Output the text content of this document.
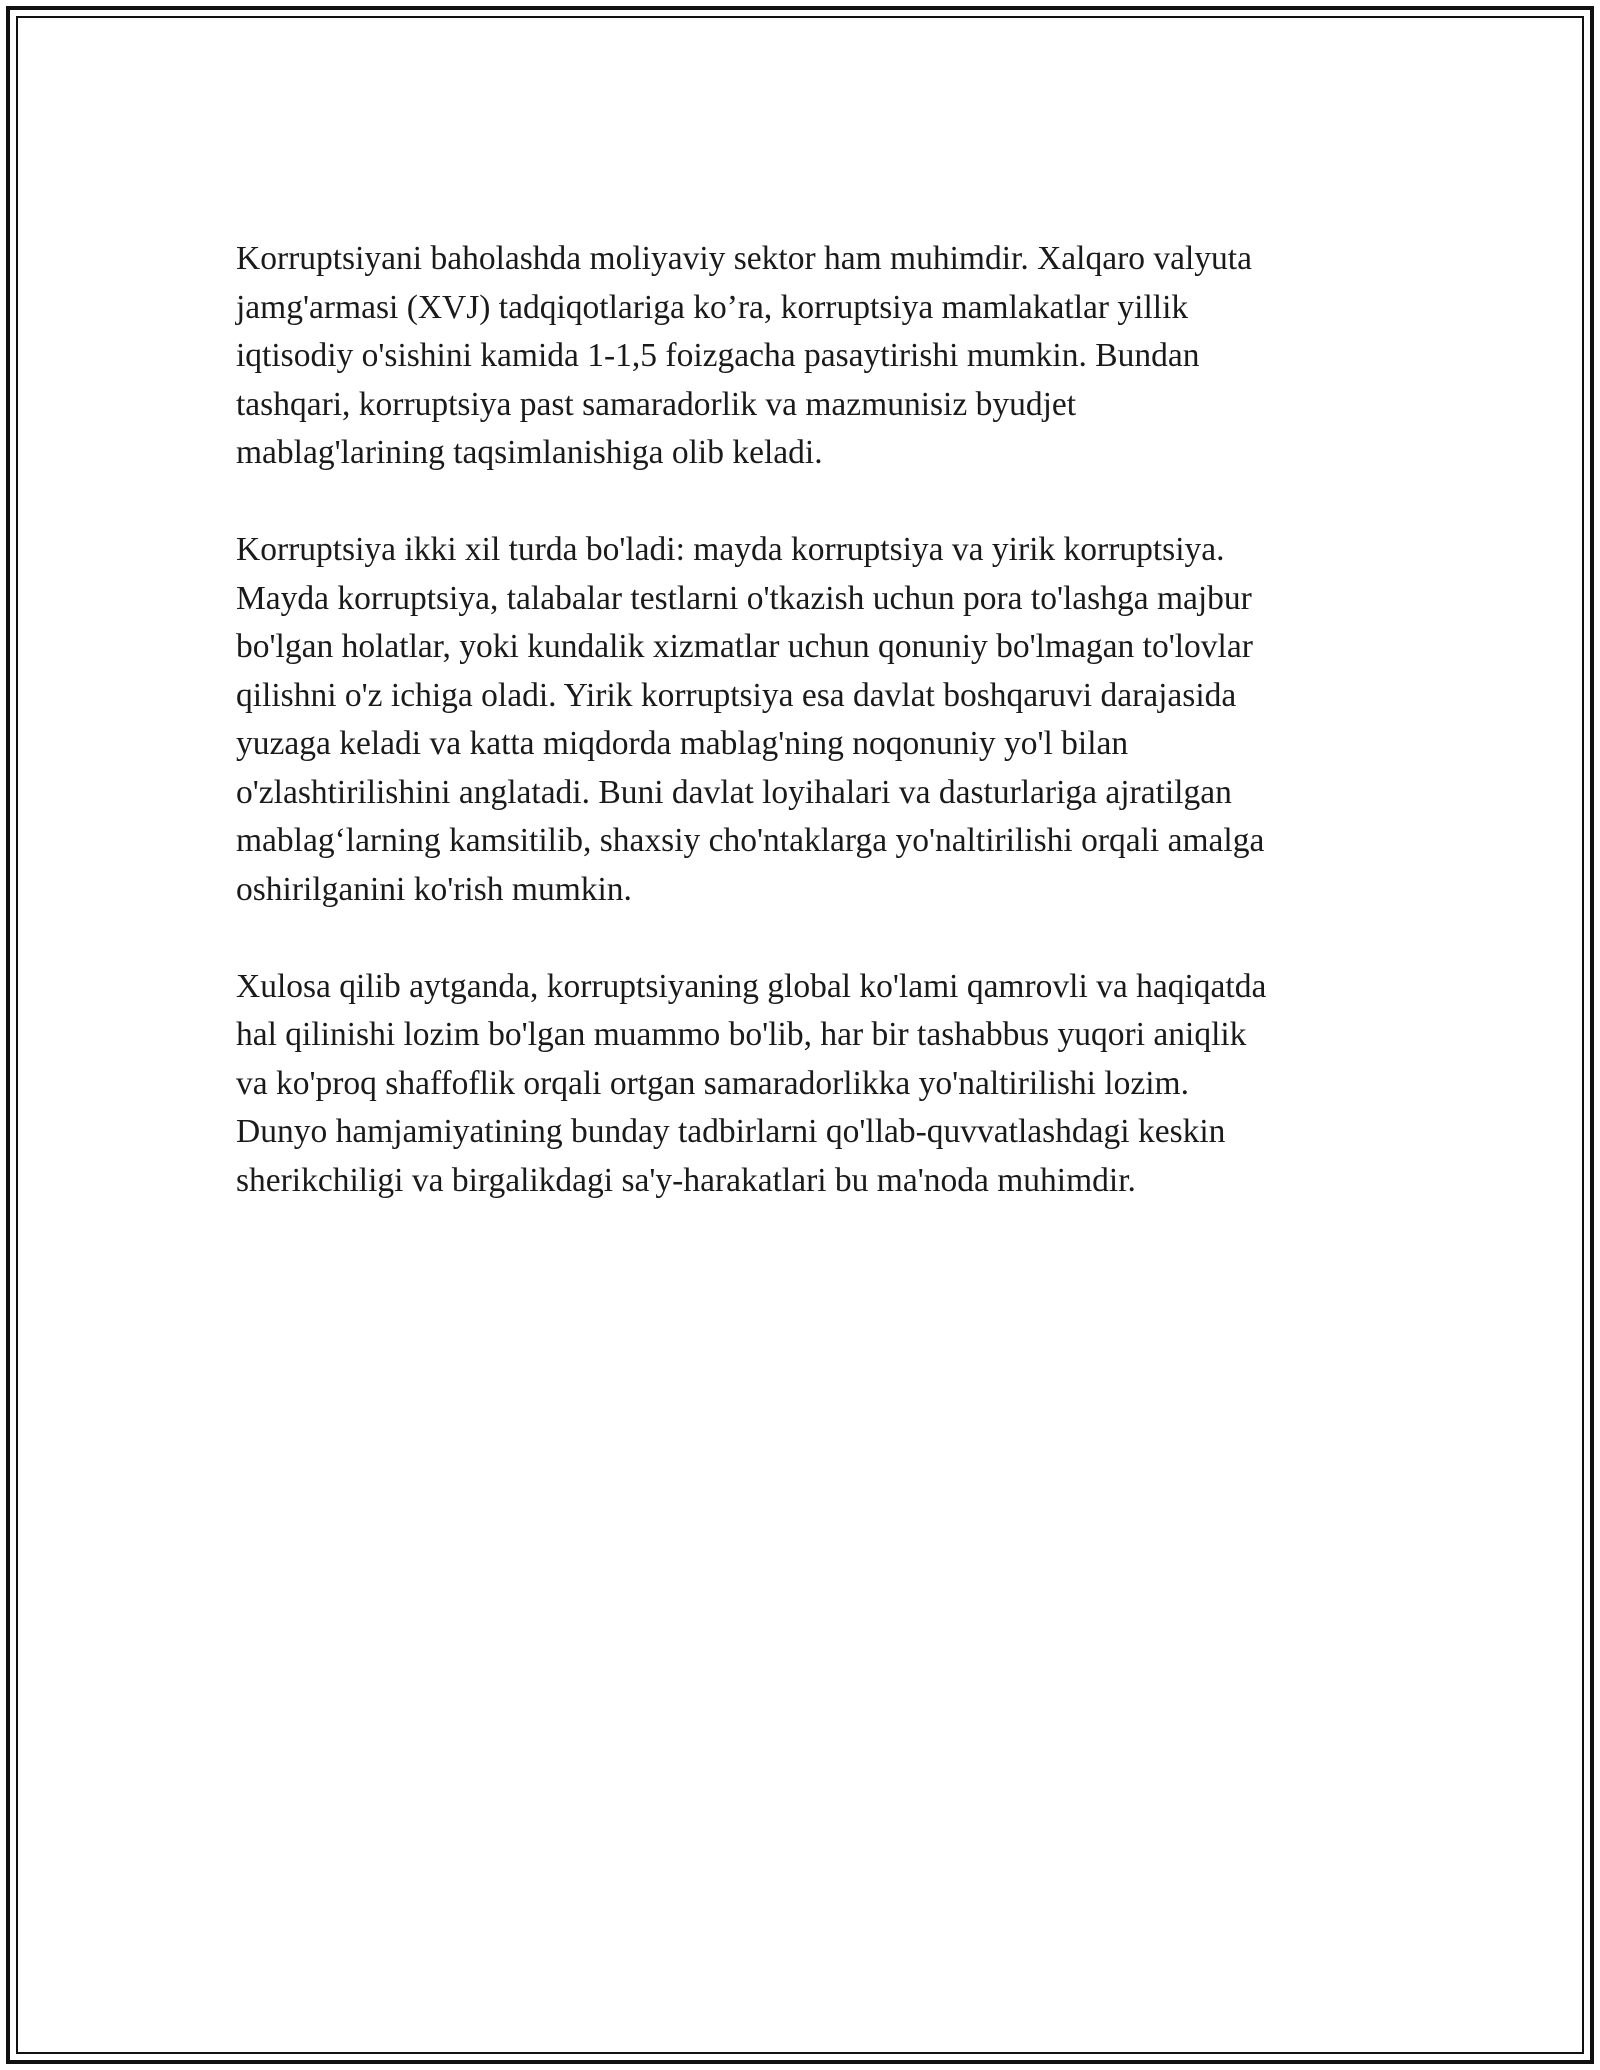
Korruptsiyani baholashda moliyaviy sektor ham muhimdir. Xalqaro valyuta
jamg'armasi (XVJ) tadqiqotlariga ko’ra, korruptsiya mamlakatlar yillik
iqtisodiy o'sishini kamida 1-1,5 foizgacha pasaytirishi mumkin. Bundan
tashqari, korruptsiya past samaradorlik va mazmunisiz byudjet
mablag'larining taqsimlanishiga olib keladi.

Korruptsiya ikki xil turda bo'ladi: mayda korruptsiya va yirik korruptsiya.
Mayda korruptsiya, talabalar testlarni o'tkazish uchun pora to'lashga majbur
bo'lgan holatlar, yoki kundalik xizmatlar uchun qonuniy bo'lmagan to'lovlar
qilishni o'z ichiga oladi. Yirik korruptsiya esa davlat boshqaruvi darajasida
yuzaga keladi va katta miqdorda mablag'ning noqonuniy yo'l bilan
o'zlashtirilishini anglatadi. Buni davlat loyihalari va dasturlariga ajratilgan
mablag‘larning kamsitilib, shaxsiy cho'ntaklarga yo'naltirilishi orqali amalga
oshirilganini ko'rish mumkin.

Xulosa qilib aytganda, korruptsiyaning global ko'lami qamrovli va haqiqatda
hal qilinishi lozim bo'lgan muammo bo'lib, har bir tashabbus yuqori aniqlik
va ko'proq shaffoflik orqali ortgan samaradorlikka yo'naltirilishi lozim.
Dunyo hamjamiyatining bunday tadbirlarni qo'llab-quvvatlashdagi keskin
sherikchiligi va birgalikdagi sa'y-harakatlari bu ma'noda muhimdir.
